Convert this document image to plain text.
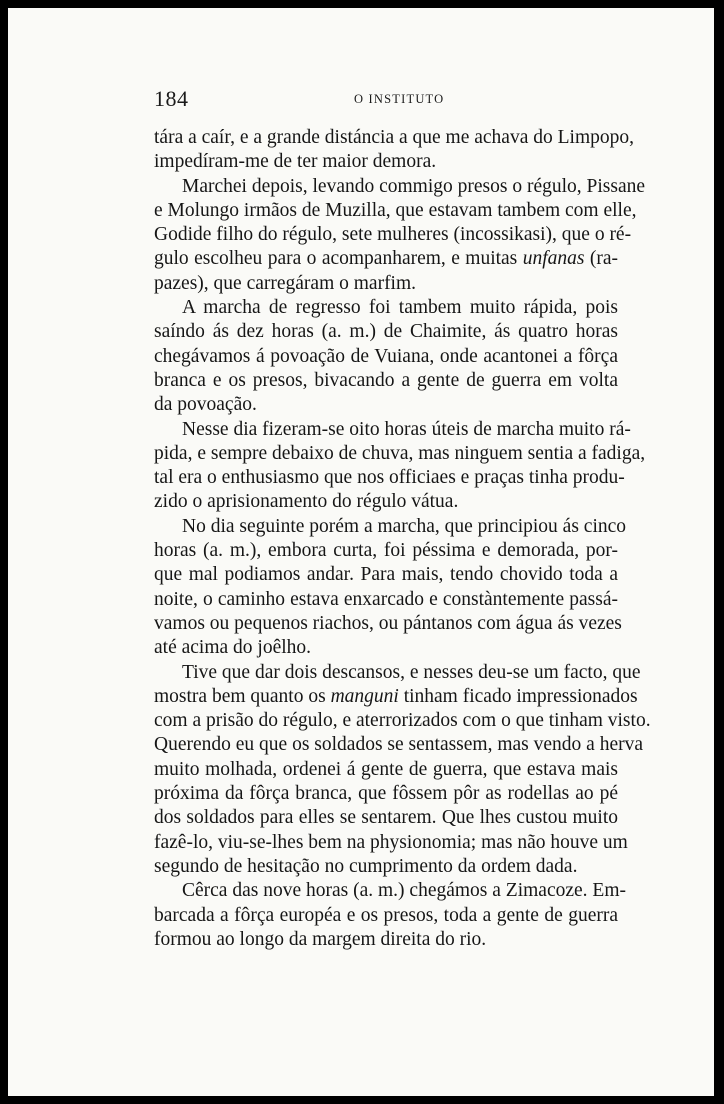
184	O INSTITUTO
tára a caír, e a grande distáncia a que me achava do Limpopo,
impedíram-me de ter maior demora.
Marchei depois, levando commigo presos o régulo, Pissane
e Molungo irmãos de Muzilla, que estavam tambem com elle,
Godide filho do régulo, sete mulheres (incossikasi), que o ré-
gulo escolheu para o acompanharem, e muitas unfanas (ra-
pazes), que carregáram o marfim.
A marcha de regresso foi tambem muito rápida, pois
saíndo ás dez horas (a. m.) de Chaimite, ás quatro horas
chegávamos á povoação de Vuiana, onde acantonei a fôrça
branca e os presos, bivacando a gente de guerra em volta
da povoação.
Nesse dia fizeram-se oito horas úteis de marcha muito rá-
pida, e sempre debaixo de chuva, mas ninguem sentia a fadiga,
tal era o enthusiasmo que nos officiaes e praças tinha produ-
zido o aprisionamento do régulo vátua.
No dia seguinte porém a marcha, que principiou ás cinco
horas (a. m.), embora curta, foi péssima e demorada, por-
que mal podiamos andar. Para mais, tendo chovido toda a
noite, o caminho estava enxarcado e constàntemente passá-
vamos ou pequenos riachos, ou pántanos com água ás vezes
até acima do joêlho.
Tive que dar dois descansos, e nesses deu-se um facto, que
mostra bem quanto os manguni tinham ficado impressionados
com a prisão do régulo, e aterrorizados com o que tinham visto.
Querendo eu que os soldados se sentassem, mas vendo a herva
muito molhada, ordenei á gente de guerra, que estava mais
próxima da fôrça branca, que fôssem pôr as rodellas ao pé
dos soldados para elles se sentarem. Que lhes custou muito
fazê-lo, viu-se-lhes bem na physionomia; mas não houve um
segundo de hesitação no cumprimento da ordem dada.
Cêrca das nove horas (a. m.) chegámos a Zimacoze. Em-
barcada a fôrça européa e os presos, toda a gente de guerra
formou ao longo da margem direita do rio.
